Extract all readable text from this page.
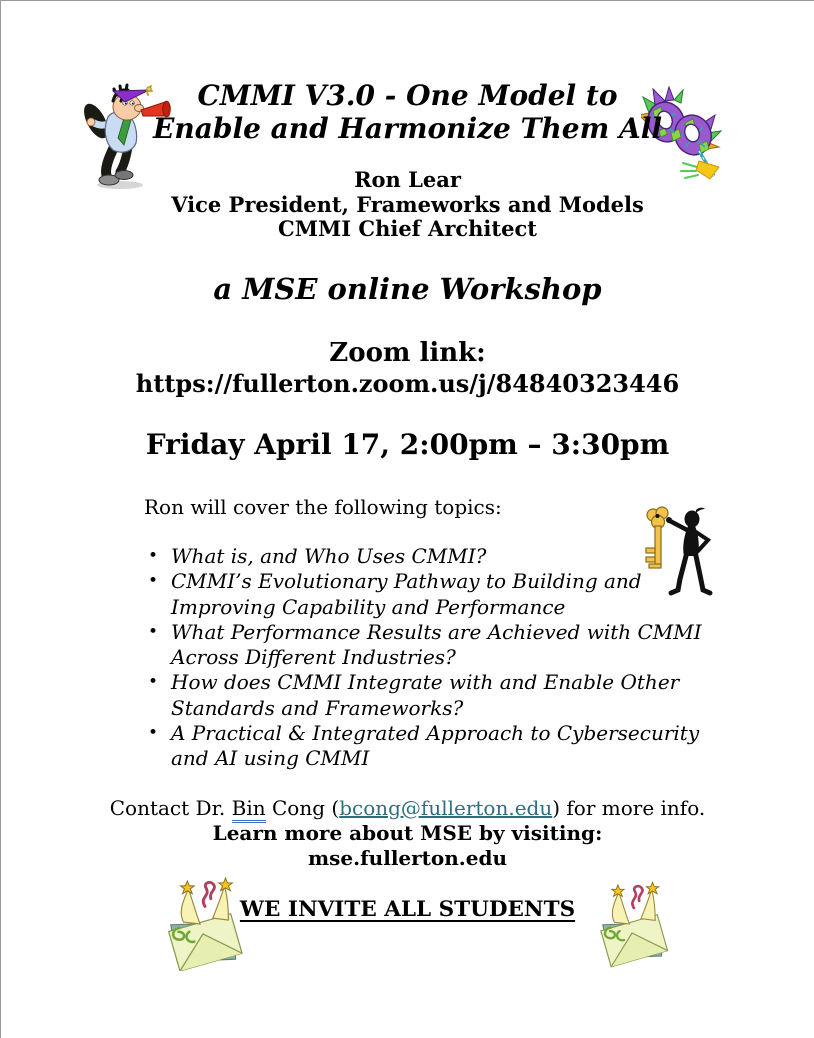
CMMI V3.0 - One Model to
Enable and Harmonize Them All
Ron Lear
Vice President, Frameworks and Models
CMMI Chief Architect
a MSE online Workshop
Zoom link:
https://fullerton.zoom.us/j/84840323446
Friday April 17, 2:00pm – 3:30pm
Ron will cover the following topics:
• What is, and Who Uses CMMI?
• CMMI’s Evolutionary Pathway to Building and
Improving Capability and Performance
• What Performance Results are Achieved with CMMI
Across Different Industries?
• How does CMMI Integrate with and Enable Other
Standards and Frameworks?
• A Practical & Integrated Approach to Cybersecurity
and AI using CMMI
Contact Dr. Bin Cong (bcong@fullerton.edu) for more info.
Learn more about MSE by visiting:
mse.fullerton.edu
WE INVITE ALL STUDENTS
